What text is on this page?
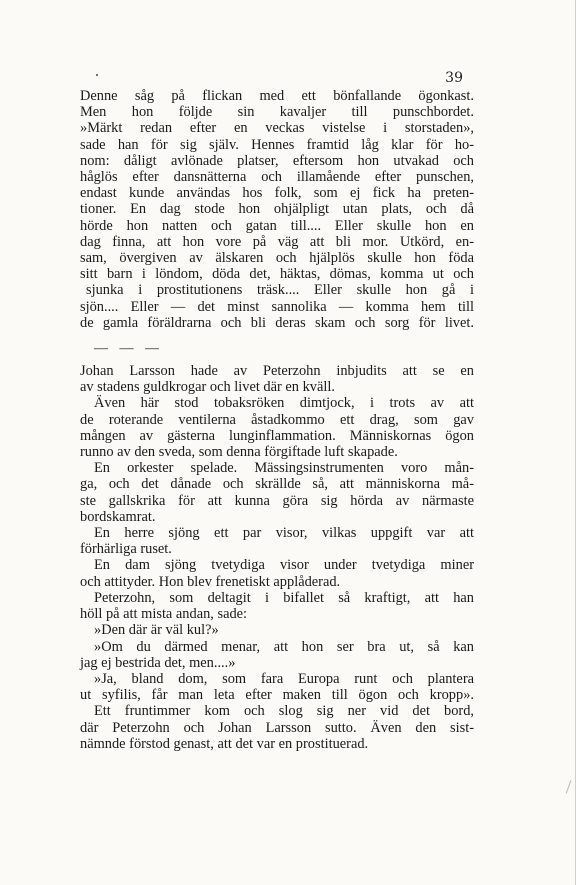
39
Denne såg på flickan med ett bönfallande ögonkast.
Men hon följde sin kavaljer till punschbordet.
»Märkt redan efter en veckas vistelse i storstaden»,
sade han för sig själv. Hennes framtid låg klar för ho-
nom: dåligt avlönade platser, eftersom hon utvakad och
håglös efter dansnätterna och illamående efter punschen,
endast kunde användas hos folk, som ej fick ha preten-
tioner. En dag stode hon ohjälpligt utan plats, och då
hörde hon natten och gatan till.... Eller skulle hon en
dag finna, att hon vore på väg att bli mor. Utkörd, en-
sam, övergiven av älskaren och hjälplös skulle hon föda
sitt barn i löndom, döda det, häktas, dömas, komma ut och
sjunka i prostitutionens träsk.... Eller skulle hon gå i
sjön.... Eller — det minst sannolika — komma hem till
de gamla föräldrarna och bli deras skam och sorg för livet.
— — —
Johan Larsson hade av Peterzohn inbjudits att se en
av stadens guldkrogar och livet där en kväll.
Även här stod tobaksröken dimtjock, i trots av att
de roterande ventilerna åstadkommo ett drag, som gav
mången av gästerna lunginflammation. Människornas ögon
runno av den sveda, som denna förgiftade luft skapade.
En orkester spelade. Mässingsinstrumenten voro mån-
ga, och det dånade och skrällde så, att människorna må-
ste gallskrika för att kunna göra sig hörda av närmaste
bordskamrat.
En herre sjöng ett par visor, vilkas uppgift var att
förhärliga ruset.
En dam sjöng tvetydiga visor under tvetydiga miner
och attityder. Hon blev frenetiskt applåderad.
Peterzohn, som deltagit i bifallet så kraftigt, att han
höll på att mista andan, sade:
»Den där är väl kul?»
»Om du därmed menar, att hon ser bra ut, så kan
jag ej bestrida det, men....»
»Ja, bland dom, som fara Europa runt och plantera
ut syfilis, får man leta efter maken till ögon och kropp».
Ett fruntimmer kom och slog sig ner vid det bord,
där Peterzohn och Johan Larsson sutto. Även den sist-
nämnde förstod genast, att det var en prostituerad.
